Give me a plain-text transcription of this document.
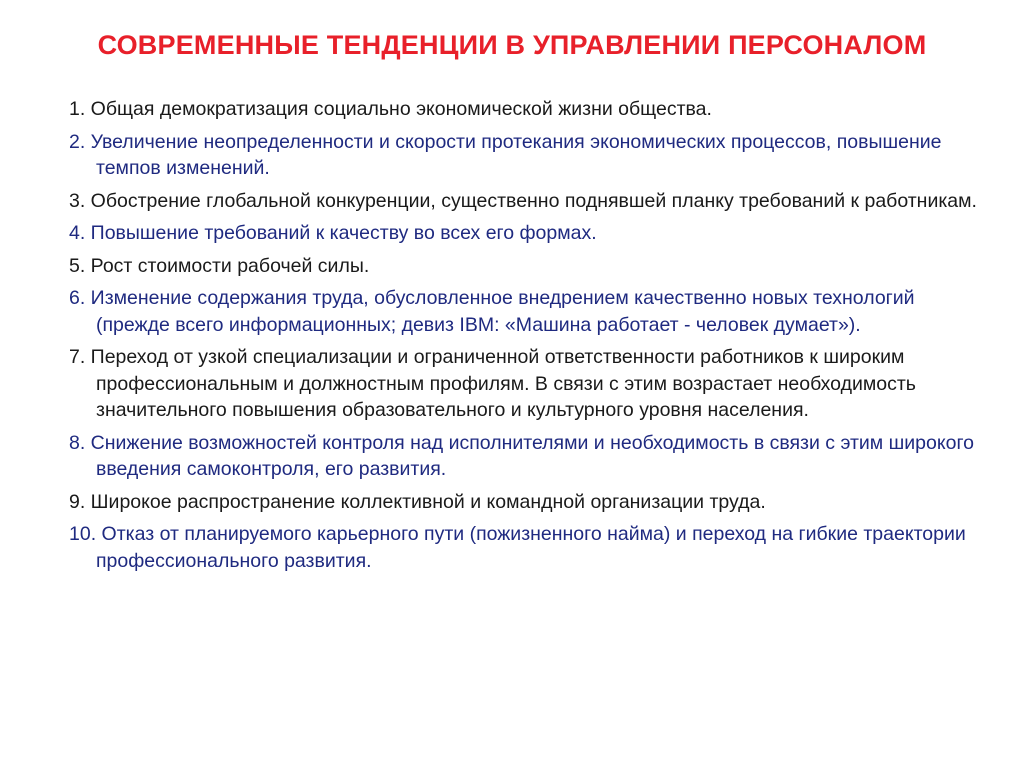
СОВРЕМЕННЫЕ ТЕНДЕНЦИИ В УПРАВЛЕНИИ ПЕРСОНАЛОМ
1. Общая демократизация социально экономической жизни общества.
2. Увеличение неопределенности и скорости протекания экономических процессов, повышение темпов изменений.
3. Обострение глобальной конкуренции, существенно поднявшей планку требований к работникам.
4. Повышение требований к качеству во всех его формах.
5. Рост стоимости рабочей силы.
6. Изменение содержания труда, обусловленное внедрением качественно новых технологий (прежде всего информационных; девиз IBM: «Машина работает - человек думает»).
7. Переход от узкой специализации и ограниченной ответственности работников к широким профессиональным и должностным профилям. В связи с этим возрастает необходимость значительного повышения образовательного и культурного уровня населения.
8. Снижение возможностей контроля над исполнителями и необходимость в связи с этим широкого введения самоконтроля, его развития.
9. Широкое распространение коллективной и командной организации труда.
10. Отказ от планируемого карьерного пути (пожизненного найма) и переход на гибкие траектории профессионального развития.
